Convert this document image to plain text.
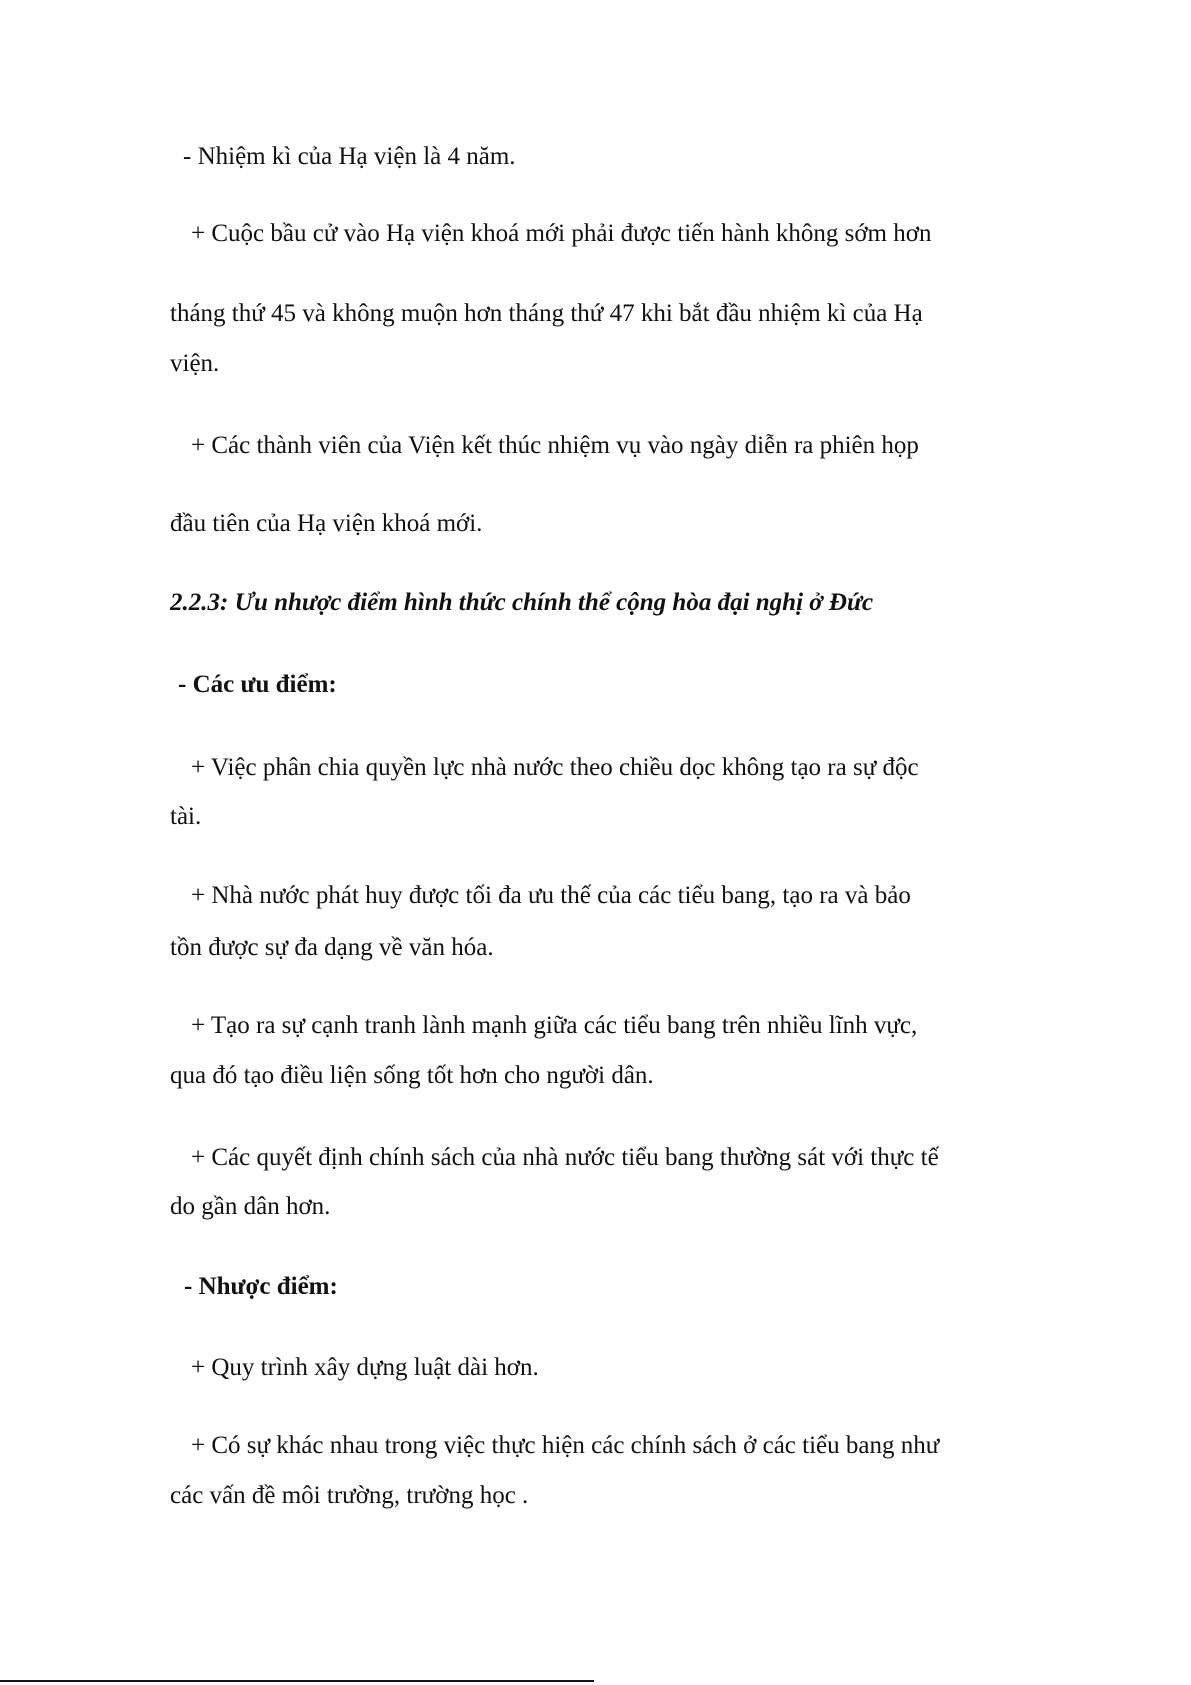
- Nhiệm kì của Hạ viện là 4 năm.
+ Cuộc bầu cử vào Hạ viện khoá mới phải được tiến hành không sớm hơn
tháng thứ 45 và không muộn hơn tháng thứ 47 khi bắt đầu nhiệm kì của Hạ
viện.
+ Các thành viên của Viện kết thúc nhiệm vụ vào ngày diễn ra phiên họp
đầu tiên của Hạ viện khoá mới.
2.2.3: Ưu nhược điểm hình thức chính thể cộng hòa đại nghị ở Đức
- Các ưu điểm:
+ Việc phân chia quyền lực nhà nước theo chiều dọc không tạo ra sự độc
tài.
+ Nhà nước phát huy được tối đa ưu thế của các tiểu bang, tạo ra và bảo
tồn được sự đa dạng về văn hóa.
+ Tạo ra sự cạnh tranh lành mạnh giữa các tiểu bang trên nhiều lĩnh vực,
qua đó tạo điều liện sống tốt hơn cho người dân.
+ Các quyết định chính sách của nhà nước tiểu bang thường sát với thực tế
do gần dân hơn.
- Nhược điểm:
+ Quy trình xây dựng luật dài hơn.
+ Có sự khác nhau trong việc thực hiện các chính sách ở các tiểu bang như
các vấn đề môi trường, trường học .
